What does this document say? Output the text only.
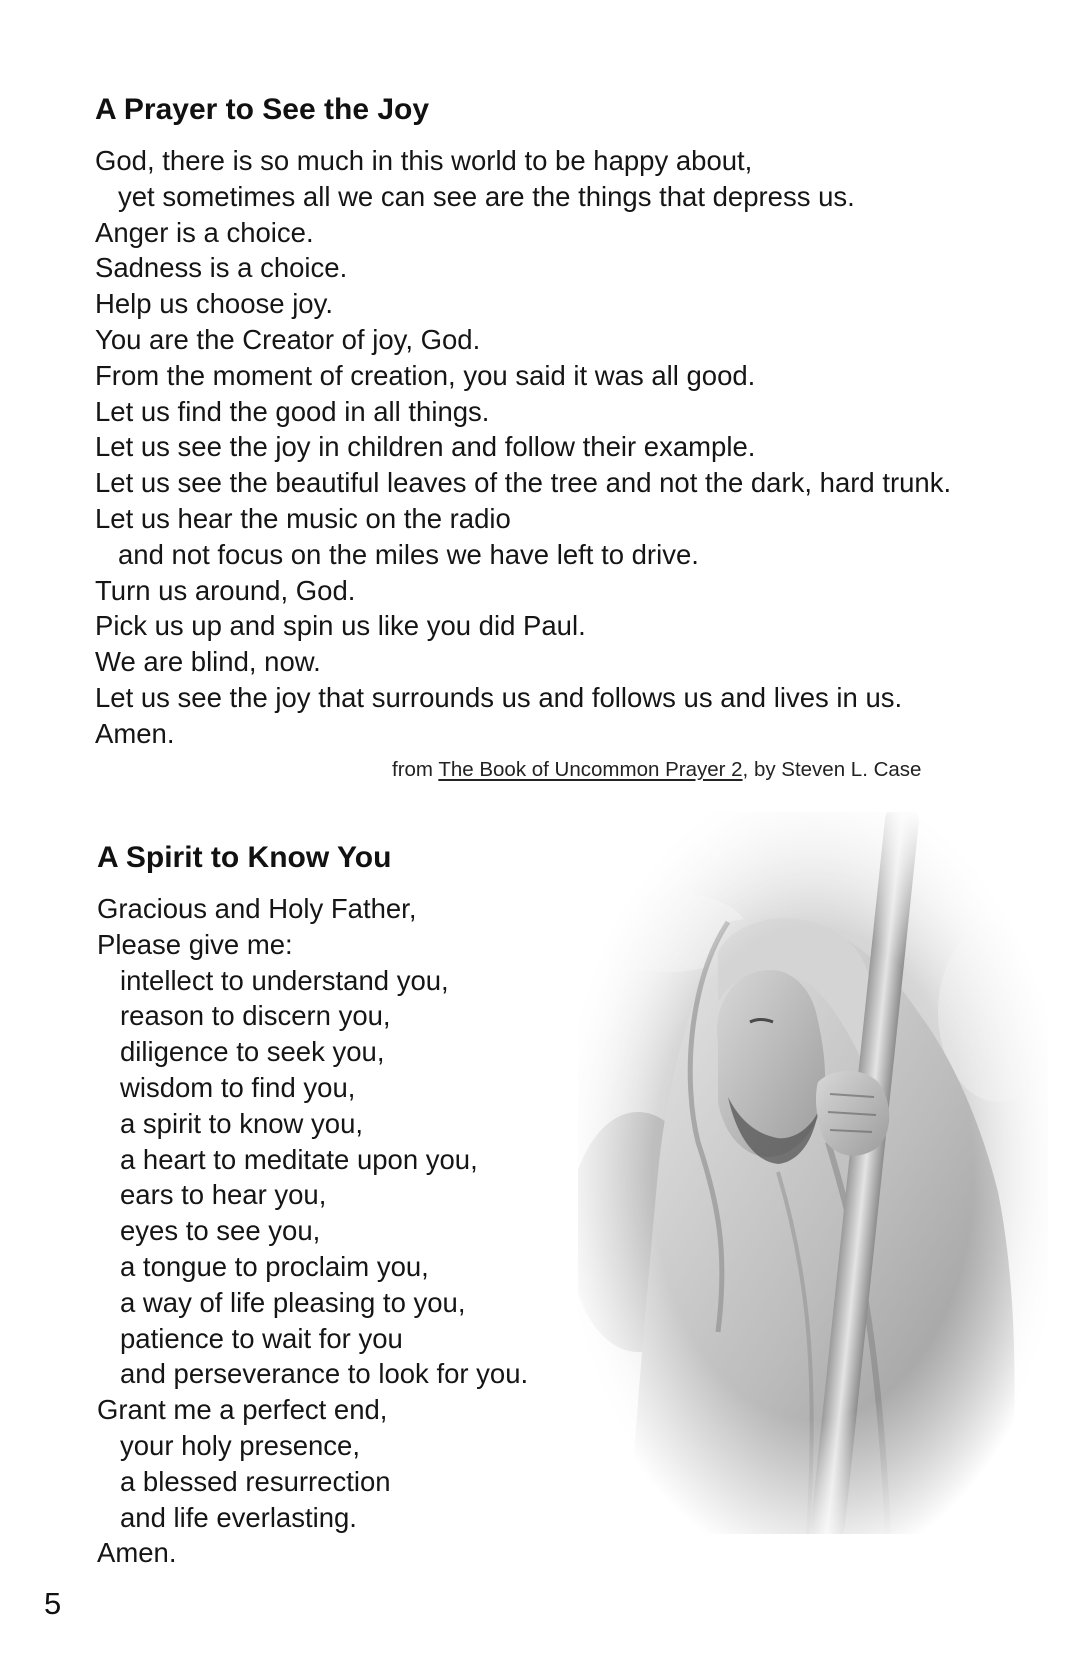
A Prayer to See the Joy
God, there is so much in this world to be happy about,
yet sometimes all we can see are the things that depress us.
Anger is a choice.
Sadness is a choice.
Help us choose joy.
You are the Creator of joy, God.
From the moment of creation, you said it was all good.
Let us find the good in all things.
Let us see the joy in children and follow their example.
Let us see the beautiful leaves of the tree and not the dark, hard trunk.
Let us hear the music on the radio
and not focus on the miles we have left to drive.
Turn us around, God.
Pick us up and spin us like you did Paul.
We are blind, now.
Let us see the joy that surrounds us and follows us and lives in us.
Amen.
from The Book of Uncommon Prayer 2, by Steven L. Case
A Spirit to Know You
Gracious and Holy Father,
Please give me:
intellect to understand you,
reason to discern you,
diligence to seek you,
wisdom to find you,
a spirit to know you,
a heart to meditate upon you,
ears to hear you,
eyes to see you,
a tongue to proclaim you,
a way of life pleasing to you,
patience to wait for you
and perseverance to look for you.
Grant me a perfect end,
your holy presence,
a blessed resurrection
and life everlasting.
Amen.
5
